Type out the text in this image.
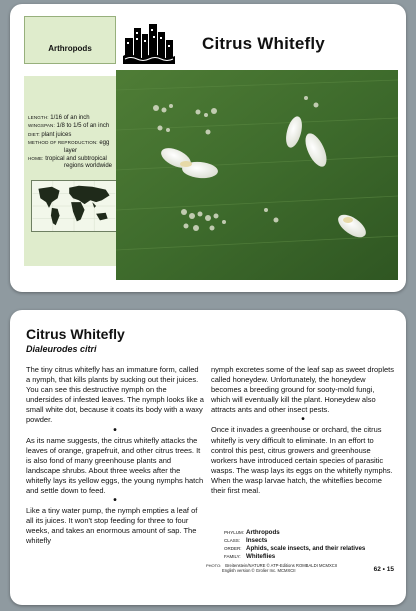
Arthropods	Citrus Whitefly
LENGTH: 1/16 of an inch
WINGSPAN: 1/8 to 1/5 of an inch
DIET: plant juices
METHOD OF REPRODUCTION: egg
layer
HOME: tropical and subtropical
regions worldwide
Citrus Whitefly
Dialeurodes citri

The tiny citrus whitefly has an immature form, called a nymph, that kills plants by sucking out their juices. You can see this destructive nymph on the undersides of infested leaves. The nymph looks like a small white dot, because it coats its body with a waxy powder.

•

As its name suggests, the citrus whitefly attacks the leaves of orange, grapefruit, and other citrus trees. It is also fond of many greenhouse plants and landscape shrubs. About three weeks after the whitefly lays its yellow eggs, the young nymphs hatch and settle down to feed.

•

Like a tiny water pump, the nymph empties a leaf of all its juices. It won't stop feeding for three to four weeks, and takes an enormous amount of sap. The whitefly

nymph excretes some of the leaf sap as sweet droplets called honeydew. Unfortunately, the honeydew becomes a breeding ground for sooty-mold fungi, which will eventually kill the plant. Honeydew also attracts ants and other insect pests.

•

Once it invades a greenhouse or orchard, the citrus whitefly is very difficult to eliminate. In an effort to control this pest, citrus growers and greenhouse workers have introduced certain species of parasitic wasps. The wasp lays its eggs on the whitefly nymphs. When the wasp larvae hatch, the whiteflies become their first meal.

PHYLUM: Arthropods
CLASS: Insects
ORDER: Aphids, scale insects, and their relatives
FAMILY: Whiteflies
PHOTO: Breitenstein/NATURE © ATP-Editions ROMBALDI MCMXCII
English version © Grolier Inc. MCMXCII	62 • 15
